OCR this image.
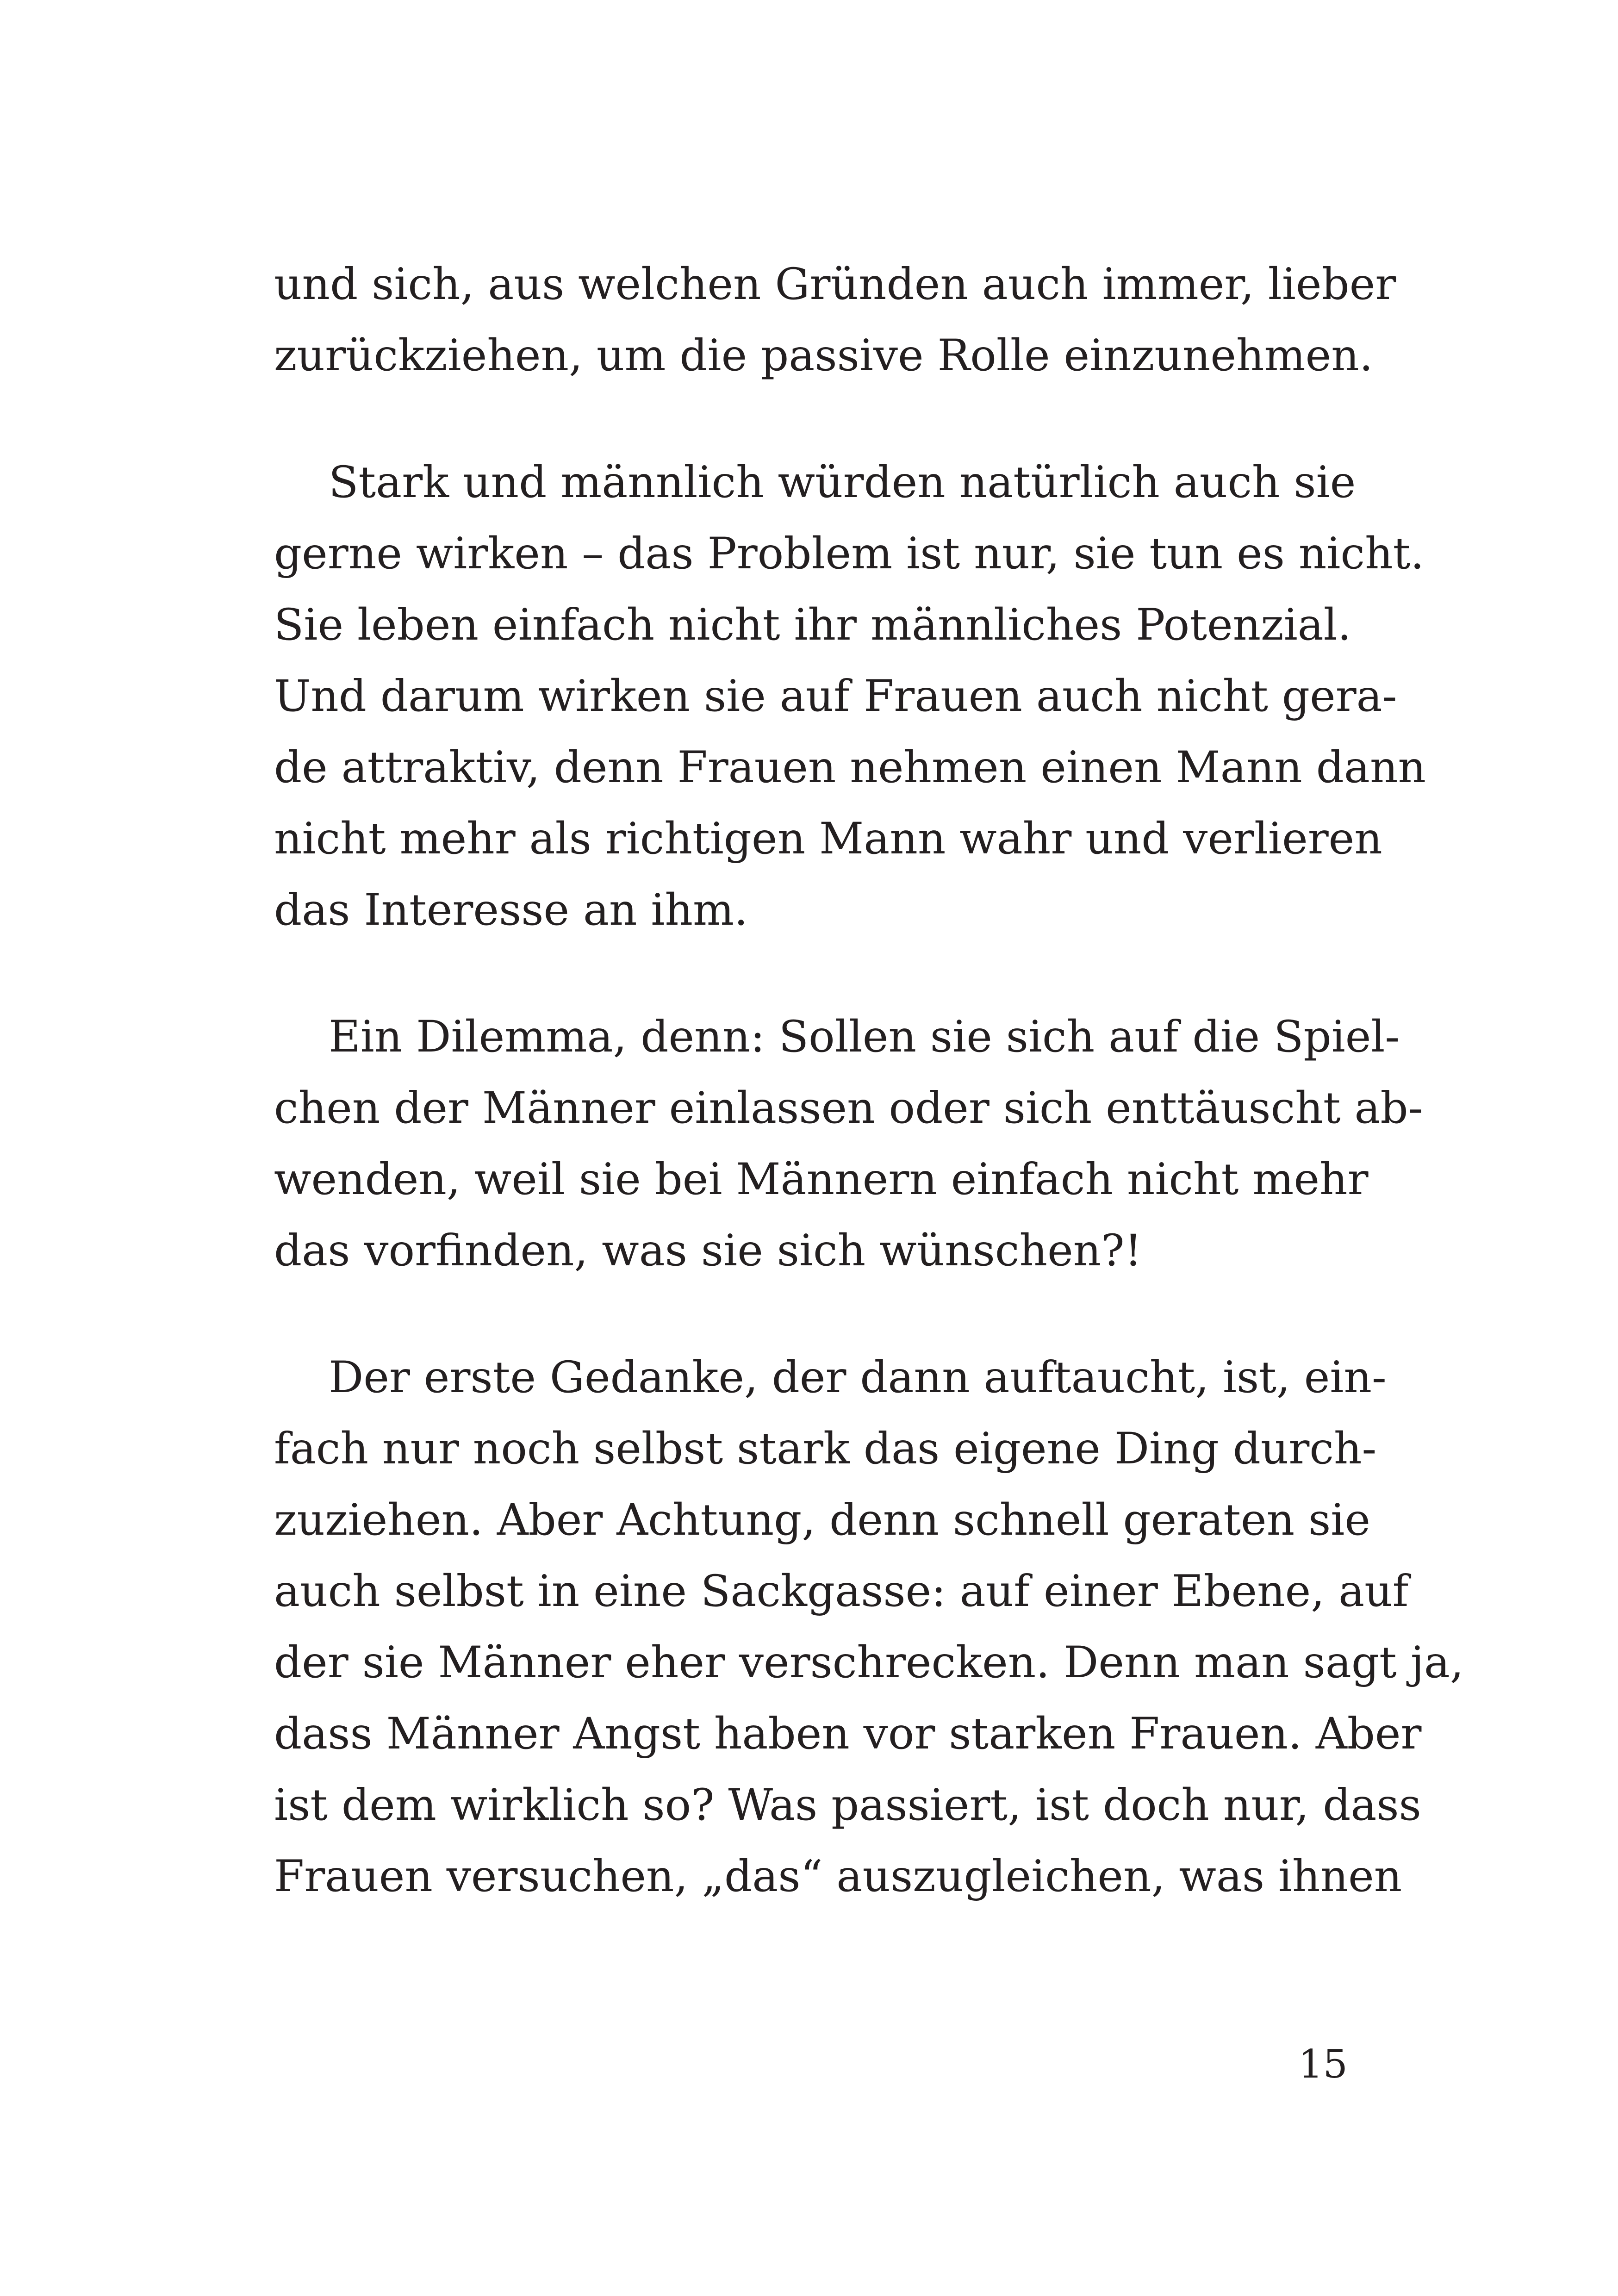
und sich, aus welchen Gründen auch immer, lieber
zurückziehen, um die passive Rolle einzunehmen.
Stark und männlich würden natürlich auch sie
gerne wirken – das Problem ist nur, sie tun es nicht.
Sie leben einfach nicht ihr männliches Potenzial.
Und darum wirken sie auf Frauen auch nicht gera-
de attraktiv, denn Frauen nehmen einen Mann dann
nicht mehr als richtigen Mann wahr und verlieren
das Interesse an ihm.
Ein Dilemma, denn: Sollen sie sich auf die Spiel-
chen der Männer einlassen oder sich enttäuscht ab-
wenden, weil sie bei Männern einfach nicht mehr
das vorfinden, was sie sich wünschen?!
Der erste Gedanke, der dann auftaucht, ist, ein-
fach nur noch selbst stark das eigene Ding durch-
zuziehen. Aber Achtung, denn schnell geraten sie
auch selbst in eine Sackgasse: auf einer Ebene, auf
der sie Männer eher verschrecken. Denn man sagt ja,
dass Männer Angst haben vor starken Frauen. Aber
ist dem wirklich so? Was passiert, ist doch nur, dass
Frauen versuchen, „das“ auszugleichen, was ihnen
15
